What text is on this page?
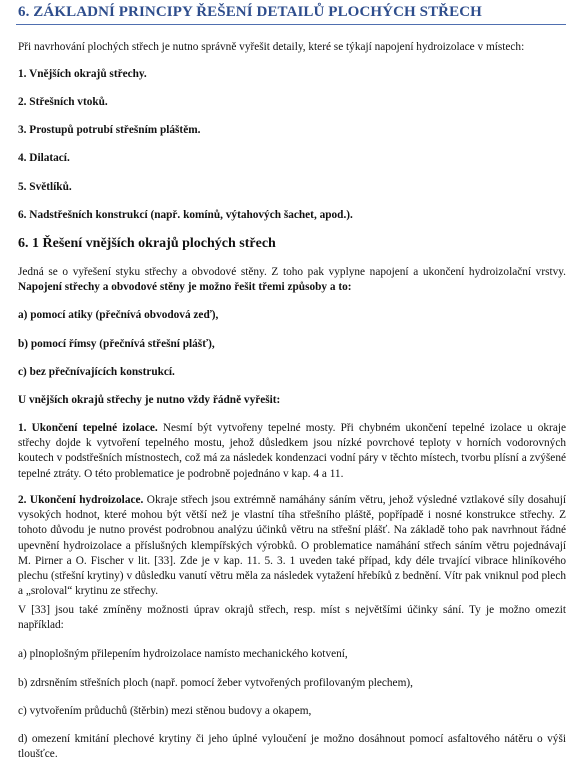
6. ZÁKLADNÍ PRINCIPY ŘEŠENÍ DETAILŮ PLOCHÝCH STŘECH
Při navrhování plochých střech je nutno správně vyřešit detaily, které se týkají napojení hydroizolace v místech:
1. Vnějších okrajů střechy.
2. Střešních vtoků.
3. Prostupů potrubí střešním pláštěm.
4. Dilatací.
5. Světlíků.
6. Nadstřešních konstrukcí (např. komínů, výtahových šachet, apod.).
6. 1 Řešení vnějších okrajů plochých střech
Jedná se o vyřešení styku střechy a obvodové stěny. Z toho pak vyplyne napojení a ukončení hydroizolační vrstvy. Napojení střechy a obvodové stěny je možno řešit třemi způsoby a to:
a) pomocí atiky (přečnívá obvodová zeď),
b) pomocí římsy (přečnívá střešní plášť),
c) bez přečnívajících konstrukcí.
U vnějších okrajů střechy je nutno vždy řádně vyřešit:
1. Ukončení tepelné izolace. Nesmí být vytvořeny tepelné mosty. Při chybném ukončení tepelné izolace u okraje střechy dojde k vytvoření tepelného mostu, jehož důsledkem jsou nízké povrchové teploty v horních vodorovných koutech v podstřešních místnostech, což má za následek kondenzaci vodní páry v těchto místech, tvorbu plísní a zvýšené tepelné ztráty. O této problematice je podrobně pojednáno v kap. 4 a 11.
2. Ukončení hydroizolace. Okraje střech jsou extrémně namáhány sáním větru, jehož výsledné vztlakové síly dosahují vysokých hodnot, které mohou být větší než je vlastní tíha střešního pláště, popřípadě i nosné konstrukce střechy. Z tohoto důvodu je nutno provést podrobnou analýzu účinků větru na střešní plášť. Na základě toho pak navrhnout řádné upevnění hydroizolace a příslušných klempířských výrobků. O problematice namáhání střech sáním větru pojednávají M. Pirner a O. Fischer v lit. [33]. Zde je v kap. 11. 5. 3. 1 uveden také případ, kdy déle trvající vibrace hliníkového plechu (střešní krytiny) v důsledku vanutí větru měla za následek vytažení hřebíků z bednění. Vítr pak vniknul pod plech a „sroloval“ krytinu ze střechy.
V [33] jsou také zmíněny možnosti úprav okrajů střech, resp. míst s největšími účinky sání. Ty je možno omezit například:
a) plnoplošným přilepením hydroizolace namísto mechanického kotvení,
b) zdrsněním střešních ploch (např. pomocí žeber vytvořených profilovaným plechem),
c) vytvořením průduchů (štěrbin) mezi stěnou budovy a okapem,
d) omezení kmitání plechové krytiny či jeho úplné vyloučení je možno dosáhnout pomocí asfaltového nátěru o výši tloušťce.
